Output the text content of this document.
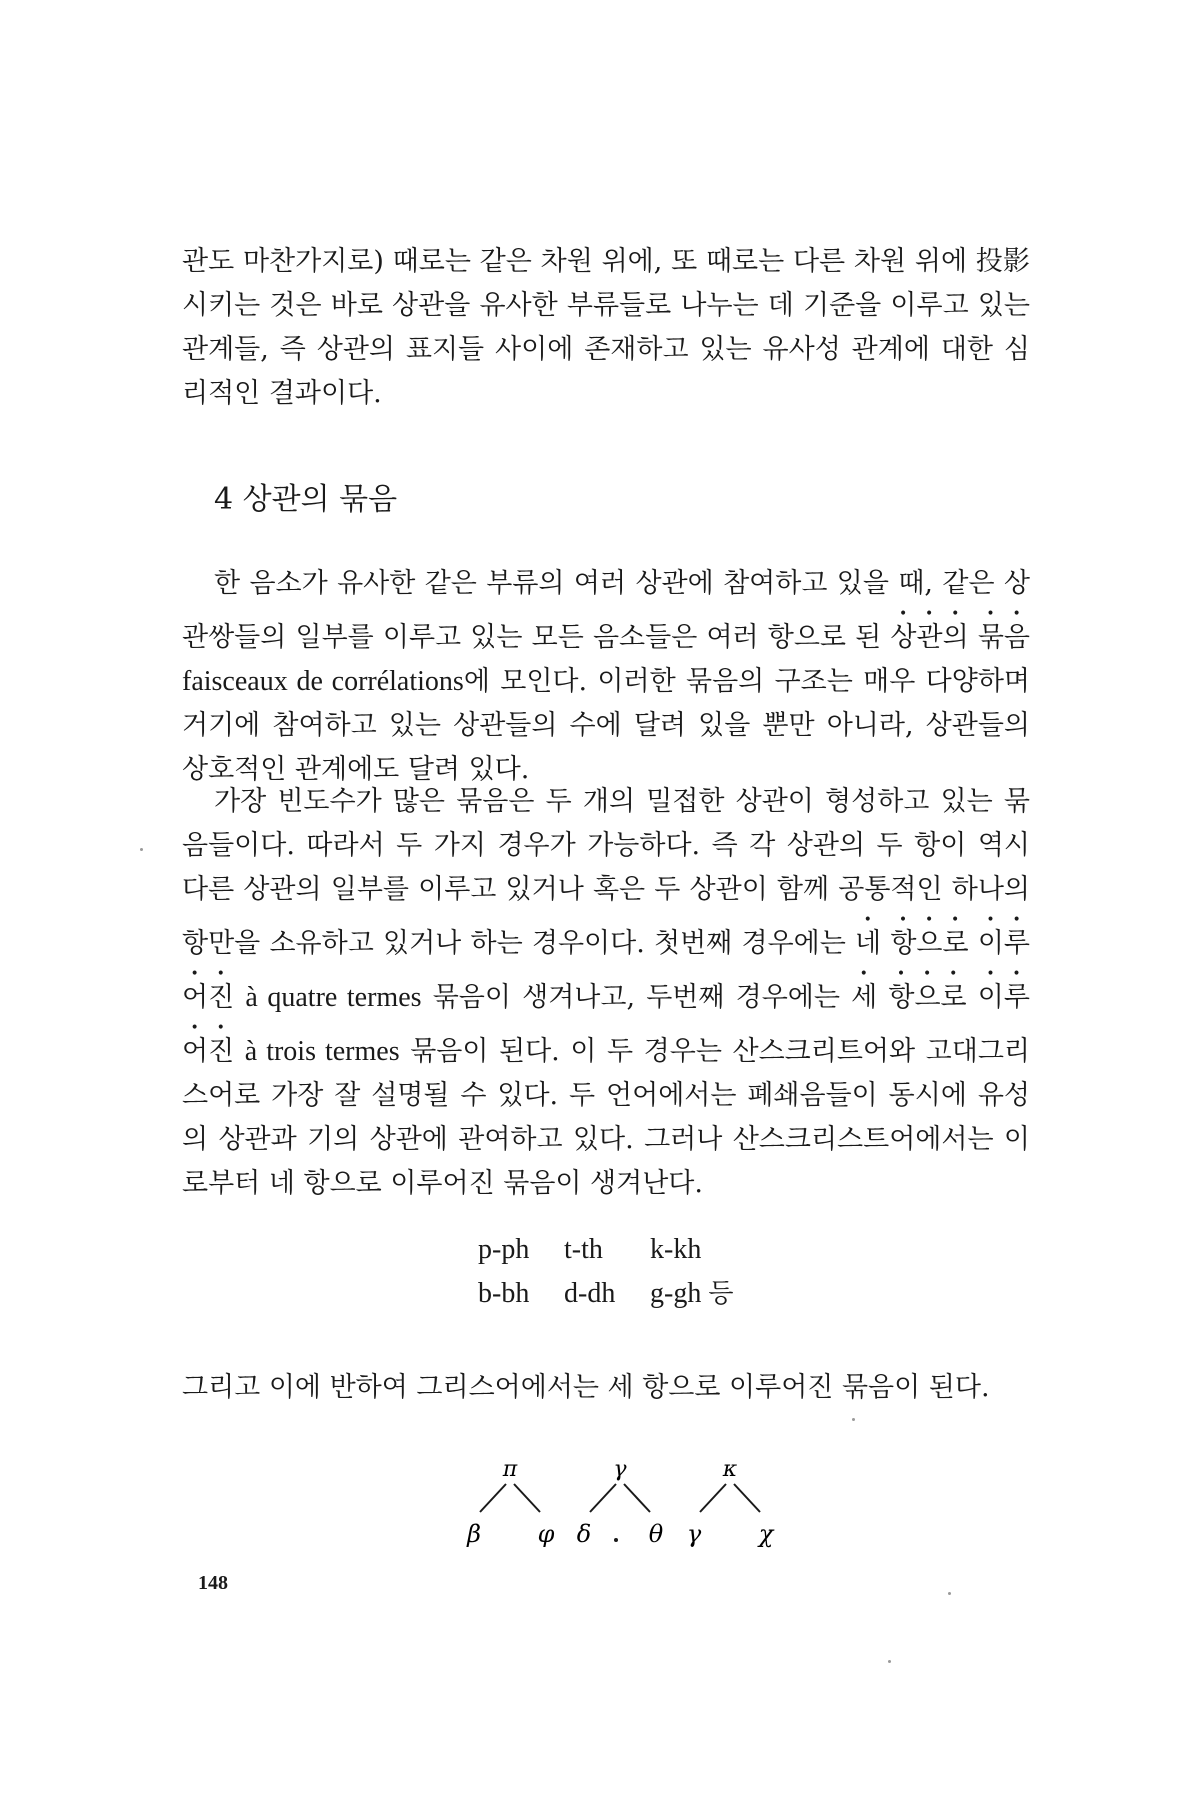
관도 마찬가지로) 때로는 같은 차원 위에, 또 때로는 다른 차원 위에 投影시키는 것은 바로 상관을 유사한 부류들로 나누는 데 기준을 이루고 있는 관계들, 즉 상관의 표지들 사이에 존재하고 있는 유사성 관계에 대한 심리적인 결과이다.

4 상관의 묶음

한 음소가 유사한 같은 부류의 여러 상관에 참여하고 있을 때, 같은 상관쌍들의 일부를 이루고 있는 모든 음소들은 여러 항으로 된 상관의 묶음 faisceaux de corrélations에 모인다. 이러한 묶음의 구조는 매우 다양하며 거기에 참여하고 있는 상관들의 수에 달려 있을 뿐만 아니라, 상관들의 상호적인 관계에도 달려 있다.

가장 빈도수가 많은 묶음은 두 개의 밀접한 상관이 형성하고 있는 묶음들이다. 따라서 두 가지 경우가 가능하다. 즉 각 상관의 두 항이 역시 다른 상관의 일부를 이루고 있거나 혹은 두 상관이 함께 공통적인 하나의 항만을 소유하고 있거나 하는 경우이다. 첫번째 경우에는 네 항으로 이루어진 à quatre termes 묶음이 생겨나고, 두번째 경우에는 세 항으로 이루어진 à trois termes 묶음이 된다. 이 두 경우는 산스크리트어와 고대그리스어로 가장 잘 설명될 수 있다. 두 언어에서는 폐쇄음들이 동시에 유성의 상관과 기의 상관에 관여하고 있다. 그러나 산스크리스트어에서는 이로부터 네 항으로 이루어진 묶음이 생겨난다.

p-ph	t-th	k-kh
b-bh	d-dh	g-gh 등

그리고 이에 반하여 그리스어에서는 세 항으로 이루어진 묶음이 된다.

π
β φ
γ
δ θ
κ
γ χ
148
